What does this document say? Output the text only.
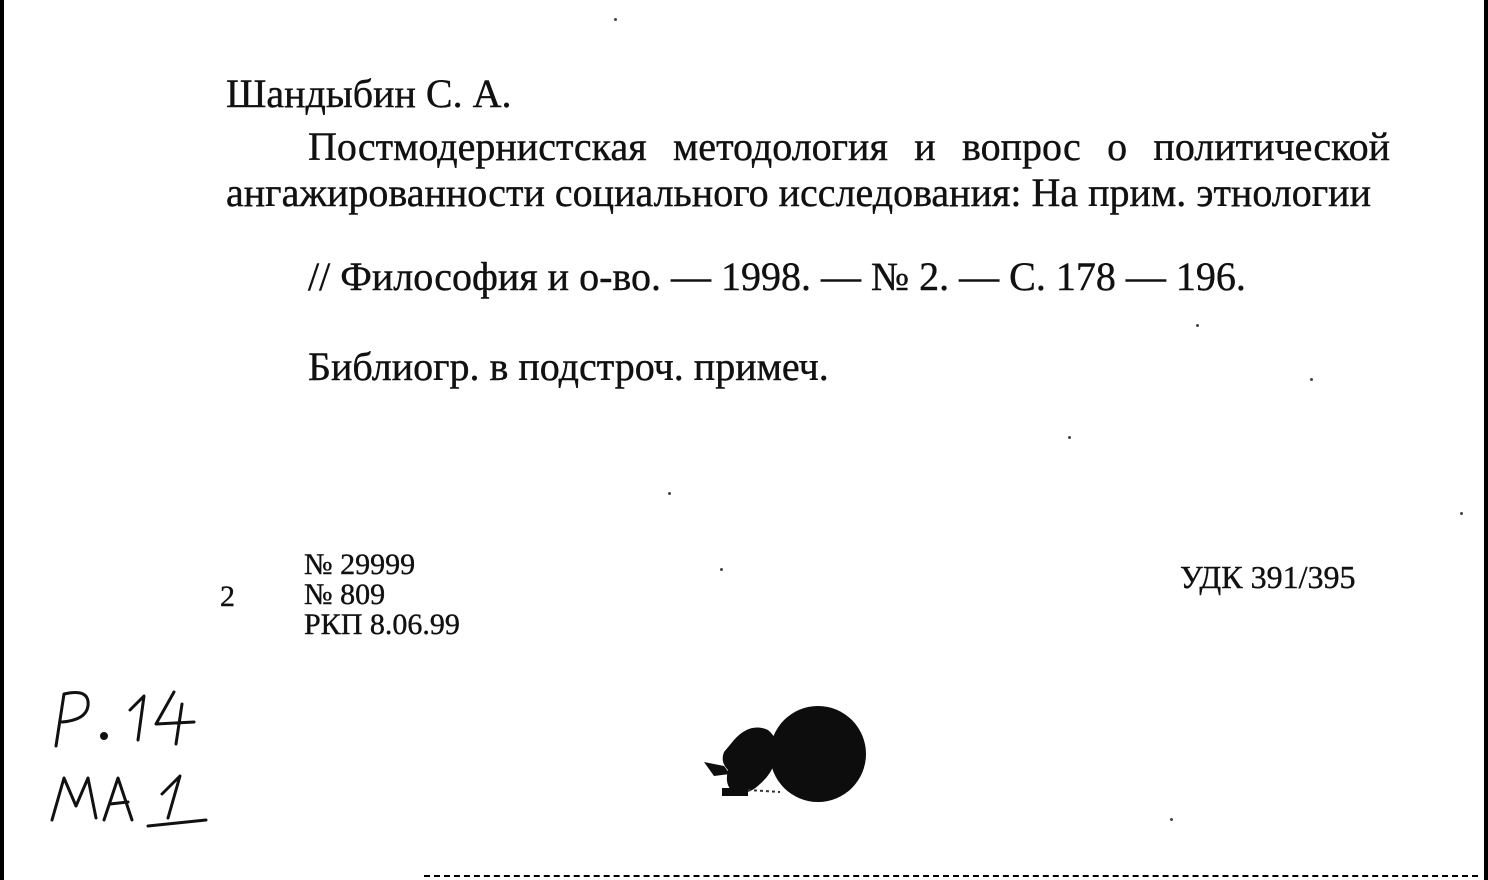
Шандыбин С. А.
Постмодернистская методология и вопрос о политической ангажированности социального исследования: На прим. этнологии
// Философия и о-во. — 1998. — № 2. — С. 178 — 196.
Библиогр. в подстроч. примеч.
2
№ 29999
№ 809
РКП 8.06.99
УДК 391/395
